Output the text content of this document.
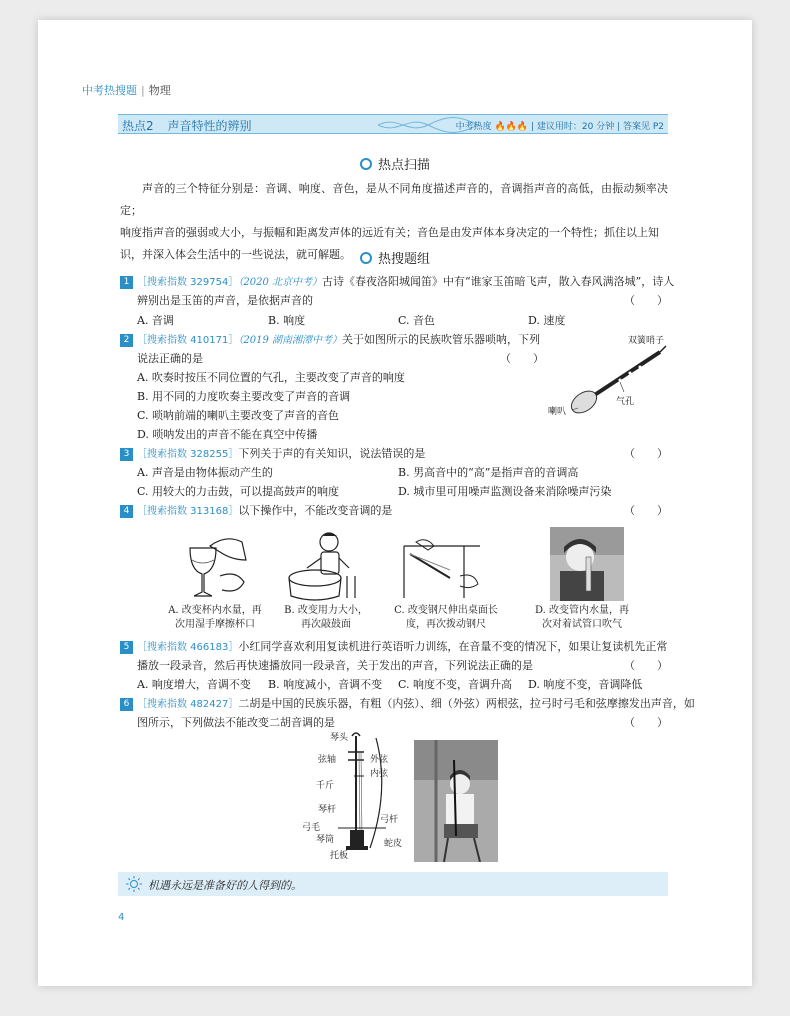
中考热搜题 | 物理
热点2 声音特性的辨别	中考热度 🔥🔥🔥 | 建议用时：20 分钟 | 答案见 P2
热点扫描
声音的三个特征分别是：音调、响度、音色，是从不同角度描述声音的，音调指声音的高低，由振动频率决定；
响度指声音的强弱或大小，与振幅和距离发声体的远近有关；音色是由发声体本身决定的一个特性；抓住以上知
识，并深入体会生活中的一些说法，就可解题。	热搜题组
1 ［搜索指数 329754］（2020 北京中考）古诗《春夜洛阳城闻笛》中有“谁家玉笛暗飞声，散入春风满洛城”，诗人
辨别出是玉笛的声音，是依据声音的	（　　）
A. 音调	B. 响度	C. 音色	D. 速度
2 ［搜索指数 410171］（2019 湖南湘潭中考）关于如图所示的民族吹管乐器唢呐，下列
说法正确的是	（　　）
A. 吹奏时按压不同位置的气孔，主要改变了声音的响度
B. 用不同的力度吹奏主要改变了声音的音调
C. 唢呐前端的喇叭主要改变了声音的音色
D. 唢呐发出的声音不能在真空中传播
双簧哨子
气孔
喇叭
3 ［搜索指数 328255］下列关于声的有关知识，说法错误的是	（　　）
A. 声音是由物体振动产生的	B. 男高音中的“高”是指声音的音调高
C. 用较大的力击鼓，可以提高鼓声的响度	D. 城市里可用噪声监测设备来消除噪声污染
4 ［搜索指数 313168］以下操作中，不能改变音调的是	（　　）
A. 改变杯内水量，再
次用湿手摩擦杯口
B. 改变用力大小，
再次敲鼓面
C. 改变钢尺伸出桌面长
度，再次拨动钢尺
D. 改变管内水量，再
次对着试管口吹气
5 ［搜索指数 466183］小红同学喜欢利用复读机进行英语听力训练，在音量不变的情况下，如果让复读机先正常
播放一段录音，然后再快速播放同一段录音，关于发出的声音，下列说法正确的是	（　　）
A. 响度增大，音调不变 B. 响度减小，音调不变 C. 响度不变，音调升高 D. 响度不变，音调降低
6 ［搜索指数 482427］二胡是中国的民族乐器，有粗（内弦）、细（外弦）两根弦，拉弓时弓毛和弦摩擦发出声音，如
图所示，下列做法不能改变二胡音调的是	（　　）
琴头
弦轴	外弦
内弦
千斤
琴杆
弓毛
弓杆
琴筒	蛇皮
托板
机遇永远是准备好的人得到的。
4
